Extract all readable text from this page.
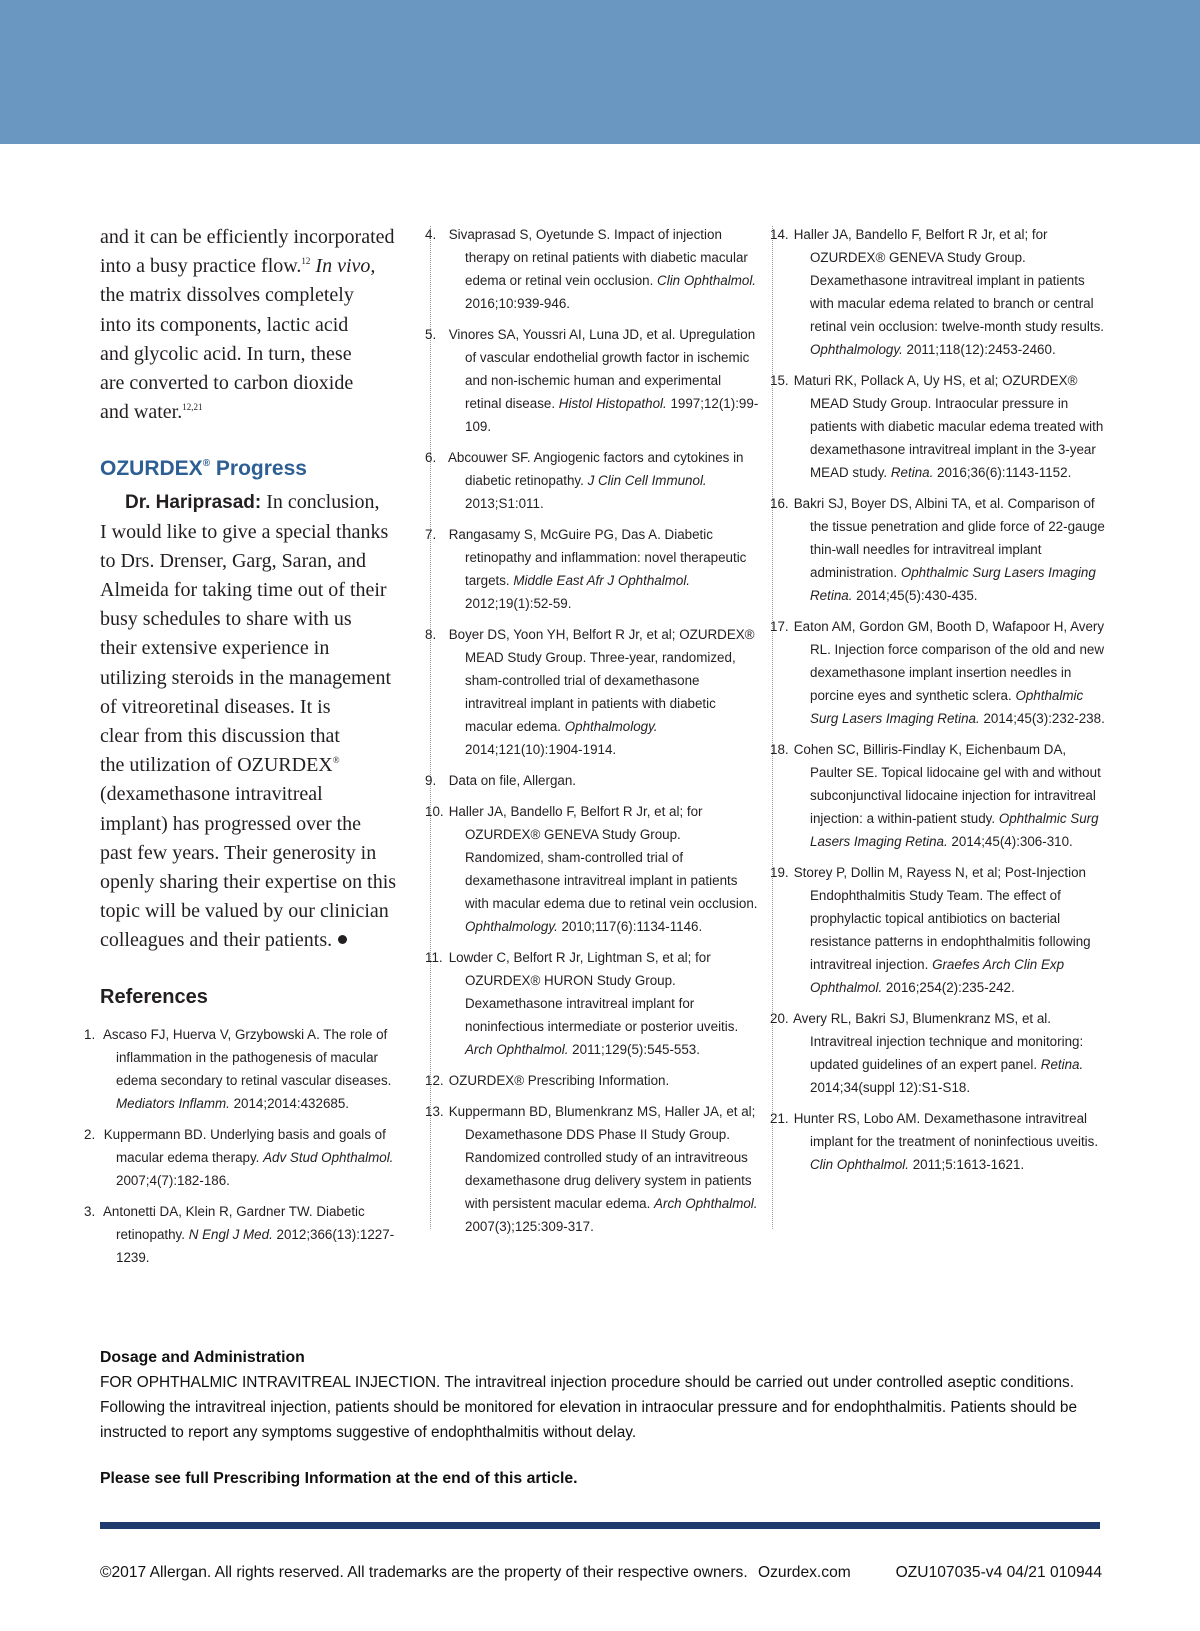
and it can be efficiently incorporated

into a busy practice flow.$^{12}$ In vivo,

the matrix dissolves completely

into its components, lactic acid

and glycolic acid. In turn, these

are converted to carbon dioxide

and water.$^{12,21}$

OZURDEX® Progress

Dr. Hariprasad: In conclusion,

I would like to give a special thanks

to Drs. Drenser, Garg, Saran, and

Almeida for taking time out of their

busy schedules to share with us

their extensive experience in

utilizing steroids in the management

of vitreoretinal diseases. It is

clear from this discussion that

the utilization of OZURDEX®

(dexamethasone intravitreal

implant) has progressed over the

past few years. Their generosity in

openly sharing their expertise on this

topic will be valued by our clinician

colleagues and their patients.

References
1. Ascaso FJ, Huerva V, Grzybowski A. The role of inflammation in the pathogenesis of macular edema secondary to retinal vascular diseases. Mediators Inflamm. 2014;2014:432685.
2. Kuppermann BD. Underlying basis and goals of macular edema therapy. Adv Stud Ophthalmol. 2007;4(7):182-186.
3. Antonetti DA, Klein R, Gardner TW. Diabetic retinopathy. N Engl J Med. 2012;366(13):1227-1239.
4. Sivaprasad S, Oyetunde S. Impact of injection therapy on retinal patients with diabetic macular edema or retinal vein occlusion. Clin Ophthalmol. 2016;10:939-946.
5. Vinores SA, Youssri AI, Luna JD, et al. Upregulation of vascular endothelial growth factor in ischemic and non-ischemic human and experimental retinal disease. Histol Histopathol. 1997;12(1):99-109.
6. Abcouwer SF. Angiogenic factors and cytokines in diabetic retinopathy. J Clin Cell Immunol. 2013;S1:011.
7. Rangasamy S, McGuire PG, Das A. Diabetic retinopathy and inflammation: novel therapeutic targets. Middle East Afr J Ophthalmol. 2012;19(1):52-59.
8. Boyer DS, Yoon YH, Belfort R Jr, et al; OZURDEX® MEAD Study Group. Three-year, randomized, sham-controlled trial of dexamethasone intravitreal implant in patients with diabetic macular edema. Ophthalmology. 2014;121(10):1904-1914.
9. Data on file, Allergan.
10. Haller JA, Bandello F, Belfort R Jr, et al; for OZURDEX® GENEVA Study Group. Randomized, sham-controlled trial of dexamethasone intravitreal implant in patients with macular edema due to retinal vein occlusion. Ophthalmology. 2010;117(6):1134-1146.
11. Lowder C, Belfort R Jr, Lightman S, et al; for OZURDEX® HURON Study Group. Dexamethasone intravitreal implant for noninfectious intermediate or posterior uveitis. Arch Ophthalmol. 2011;129(5):545-553.
12. OZURDEX® Prescribing Information.
13. Kuppermann BD, Blumenkranz MS, Haller JA, et al; Dexamethasone DDS Phase II Study Group. Randomized controlled study of an intravitreous dexamethasone drug delivery system in patients with persistent macular edema. Arch Ophthalmol. 2007(3);125:309-317.
14. Haller JA, Bandello F, Belfort R Jr, et al; for OZURDEX® GENEVA Study Group. Dexamethasone intravitreal implant in patients with macular edema related to branch or central retinal vein occlusion: twelve-month study results. Ophthalmology. 2011;118(12):2453-2460.
15. Maturi RK, Pollack A, Uy HS, et al; OZURDEX® MEAD Study Group. Intraocular pressure in patients with diabetic macular edema treated with dexamethasone intravitreal implant in the 3-year MEAD study. Retina. 2016;36(6):1143-1152.
16. Bakri SJ, Boyer DS, Albini TA, et al. Comparison of the tissue penetration and glide force of 22-gauge thin-wall needles for intravitreal implant administration. Ophthalmic Surg Lasers Imaging Retina. 2014;45(5):430-435.
17. Eaton AM, Gordon GM, Booth D, Wafapoor H, Avery RL. Injection force comparison of the old and new dexamethasone implant insertion needles in porcine eyes and synthetic sclera. Ophthalmic Surg Lasers Imaging Retina. 2014;45(3):232-238.
18. Cohen SC, Billiris-Findlay K, Eichenbaum DA, Paulter SE. Topical lidocaine gel with and without subconjunctival lidocaine injection for intravitreal injection: a within-patient study. Ophthalmic Surg Lasers Imaging Retina. 2014;45(4):306-310.
19. Storey P, Dollin M, Rayess N, et al; Post-Injection Endophthalmitis Study Team. The effect of prophylactic topical antibiotics on bacterial resistance patterns in endophthalmitis following intravitreal injection. Graefes Arch Clin Exp Ophthalmol. 2016;254(2):235-242.
20. Avery RL, Bakri SJ, Blumenkranz MS, et al. Intravitreal injection technique and monitoring: updated guidelines of an expert panel. Retina. 2014;34(suppl 12):S1-S18.
21. Hunter RS, Lobo AM. Dexamethasone intravitreal implant for the treatment of noninfectious uveitis. Clin Ophthalmol. 2011;5:1613-1621.
Dosage and Administration

FOR OPHTHALMIC INTRAVITREAL INJECTION. The intravitreal injection procedure should be carried out under controlled aseptic conditions. Following the intravitreal injection, patients should be monitored for elevation in intraocular pressure and for endophthalmitis. Patients should be instructed to report any symptoms suggestive of endophthalmitis without delay.

Please see full Prescribing Information at the end of this article.
©2017 Allergan. All rights reserved. All trademarks are the property of their respective owners. Ozurdex.com	OZU107035-v4 04/21 010944
